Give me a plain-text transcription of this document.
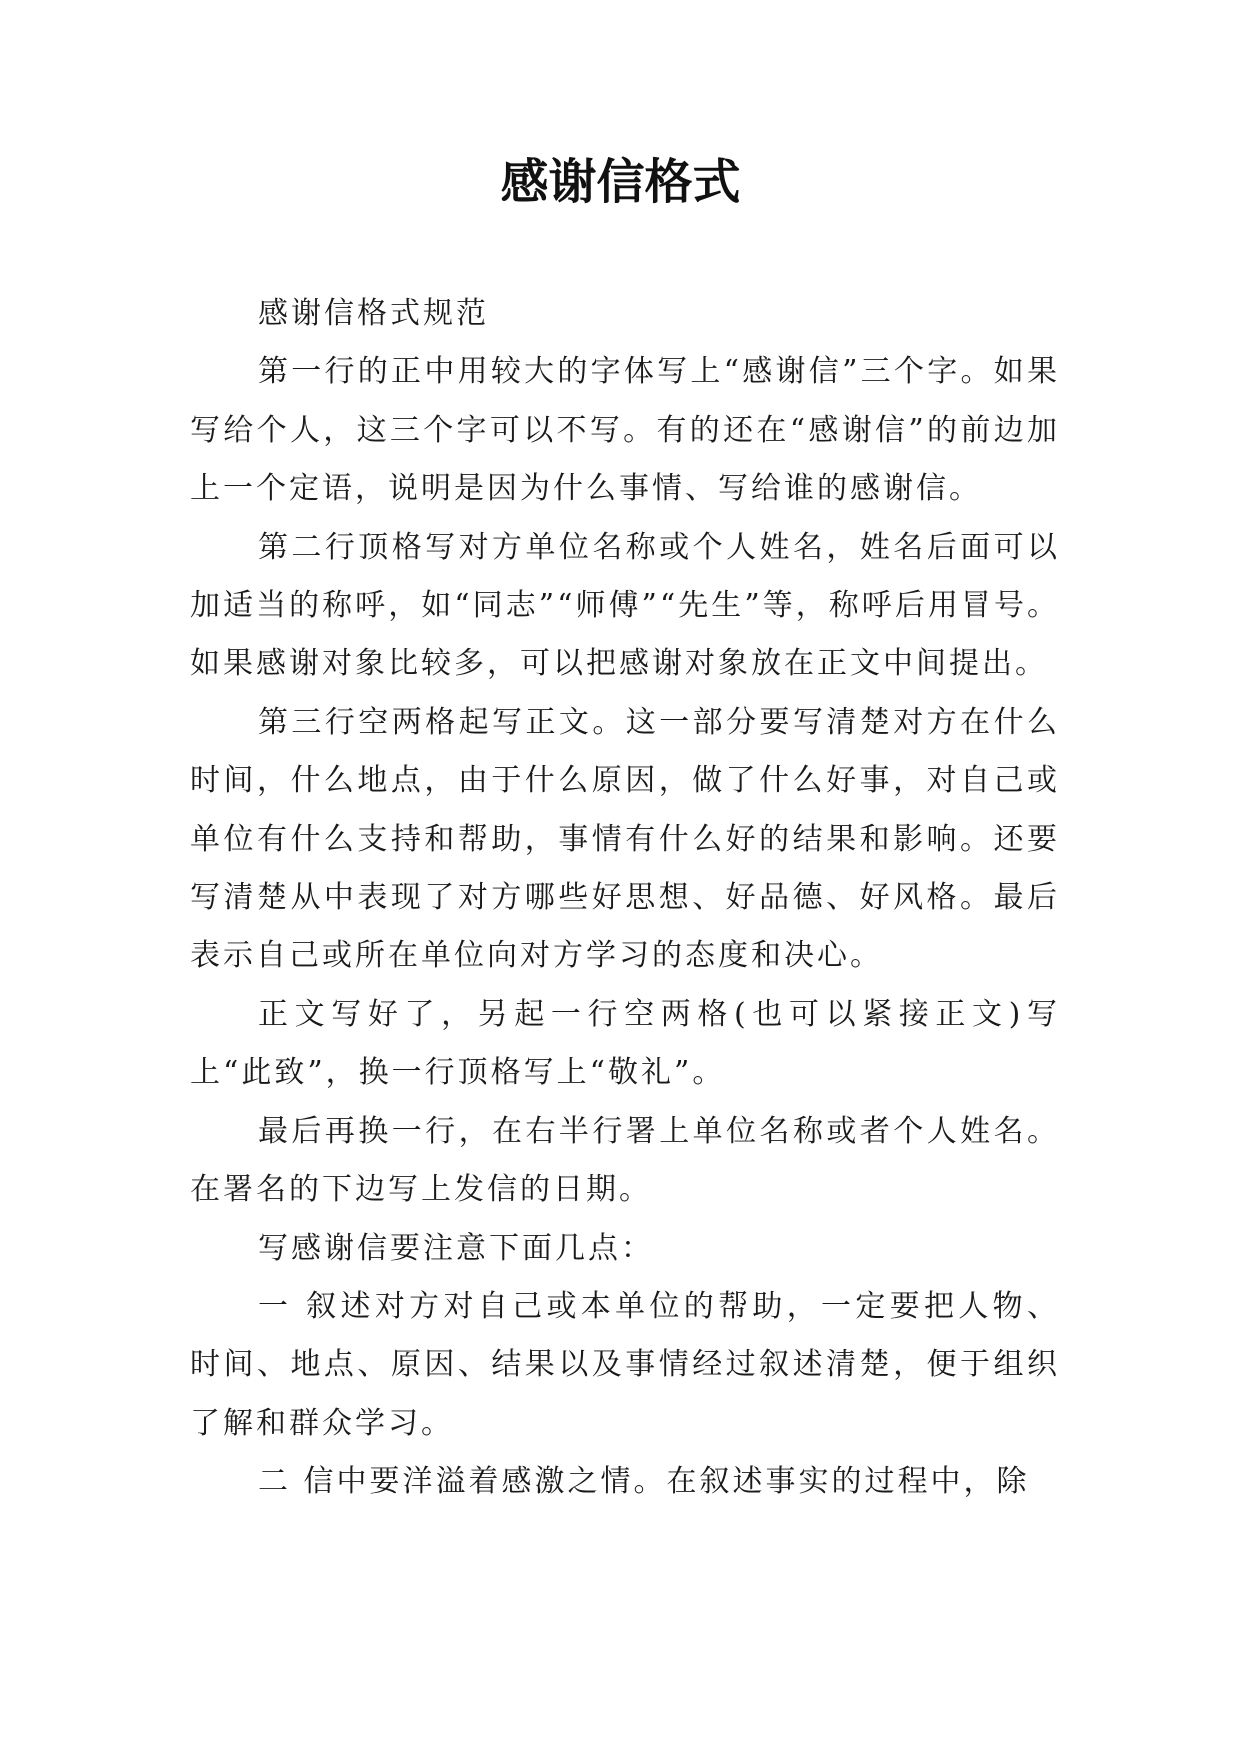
感谢信格式

感谢信格式规范

第一行的正中用较大的字体写上“感谢信”三个字。如果写给个人，这三个字可以不写。有的还在“感谢信”的前边加上一个定语，说明是因为什么事情、写给谁的感谢信。

第二行顶格写对方单位名称或个人姓名，姓名后面可以加适当的称呼，如“同志”“师傅”“先生”等，称呼后用冒号。如果感谢对象比较多，可以把感谢对象放在正文中间提出。

第三行空两格起写正文。这一部分要写清楚对方在什么时间，什么地点，由于什么原因，做了什么好事，对自己或单位有什么支持和帮助，事情有什么好的结果和影响。还要写清楚从中表现了对方哪些好思想、好品德、好风格。最后表示自己或所在单位向对方学习的态度和决心。

正文写好了，另起一行空两格(也可以紧接正文)写上“此致”，换一行顶格写上“敬礼”。

最后再换一行，在右半行署上单位名称或者个人姓名。在署名的下边写上发信的日期。

写感谢信要注意下面几点：

一 叙述对方对自己或本单位的帮助，一定要把人物、时间、地点、原因、结果以及事情经过叙述清楚，便于组织了解和群众学习。

二 信中要洋溢着感激之情。在叙述事实的过程中，除
